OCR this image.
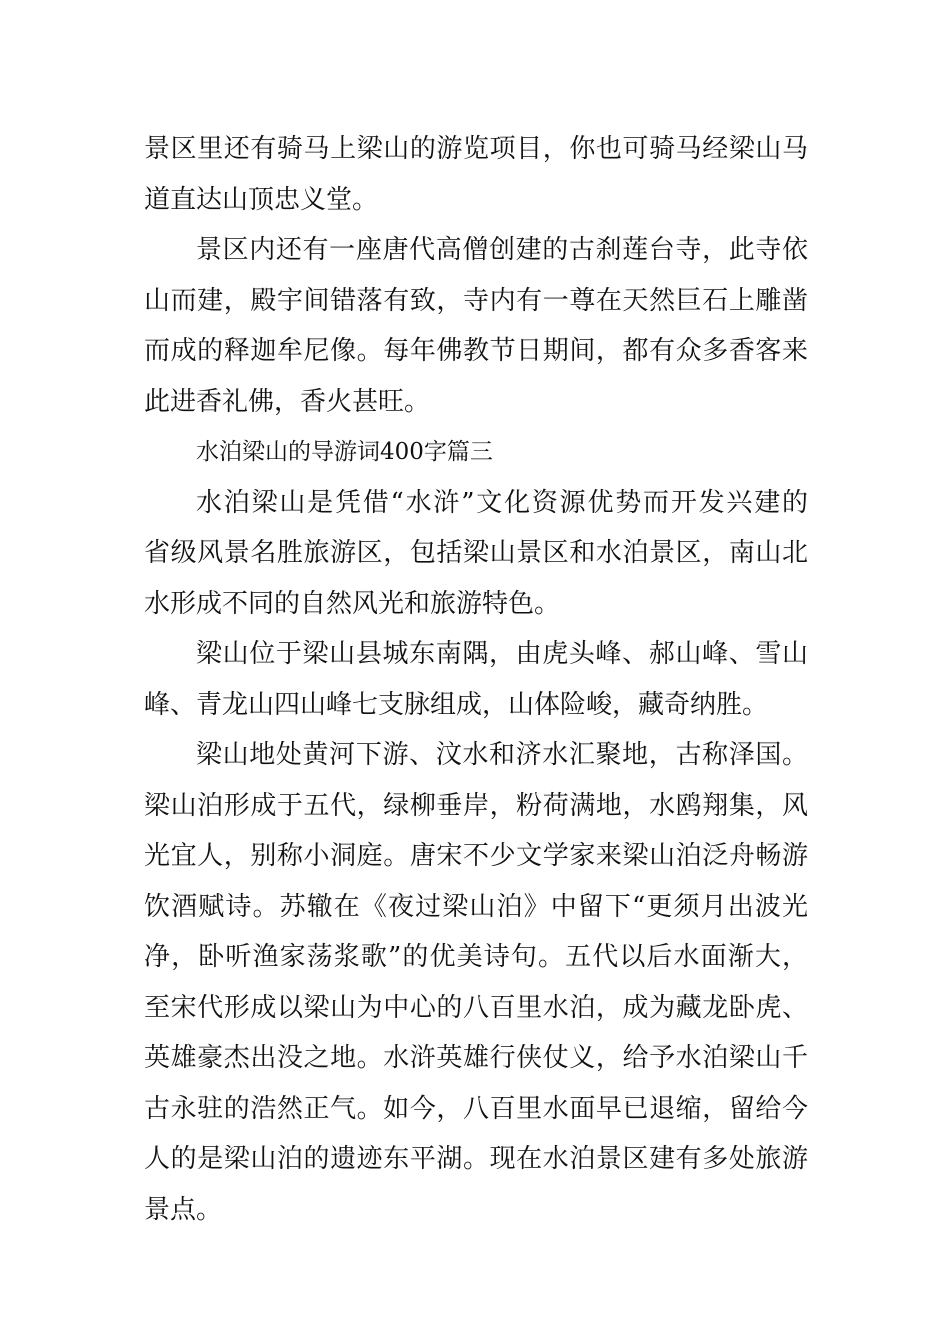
景区里还有骑马上梁山的游览项目，你也可骑马经梁山马
道直达山顶忠义堂。
景区内还有一座唐代高僧创建的古刹莲台寺，此寺依
山而建，殿宇间错落有致，寺内有一尊在天然巨石上雕凿
而成的释迦牟尼像。每年佛教节日期间，都有众多香客来
此进香礼佛，香火甚旺。
水泊梁山的导游词400字篇三
水泊梁山是凭借“水浒”文化资源优势而开发兴建的
省级风景名胜旅游区，包括梁山景区和水泊景区，南山北
水形成不同的自然风光和旅游特色。
梁山位于梁山县城东南隅，由虎头峰、郝山峰、雪山
峰、青龙山四山峰七支脉组成，山体险峻，藏奇纳胜。
梁山地处黄河下游、汶水和济水汇聚地，古称泽国。
梁山泊形成于五代，绿柳垂岸，粉荷满地，水鸥翔集，风
光宜人，别称小洞庭。唐宋不少文学家来梁山泊泛舟畅游
饮酒赋诗。苏辙在《夜过梁山泊》中留下“更须月出波光
净，卧听渔家荡浆歌”的优美诗句。五代以后水面渐大，
至宋代形成以梁山为中心的八百里水泊，成为藏龙卧虎、
英雄豪杰出没之地。水浒英雄行侠仗义，给予水泊梁山千
古永驻的浩然正气。如今，八百里水面早已退缩，留给今
人的是梁山泊的遗迹东平湖。现在水泊景区建有多处旅游
景点。
